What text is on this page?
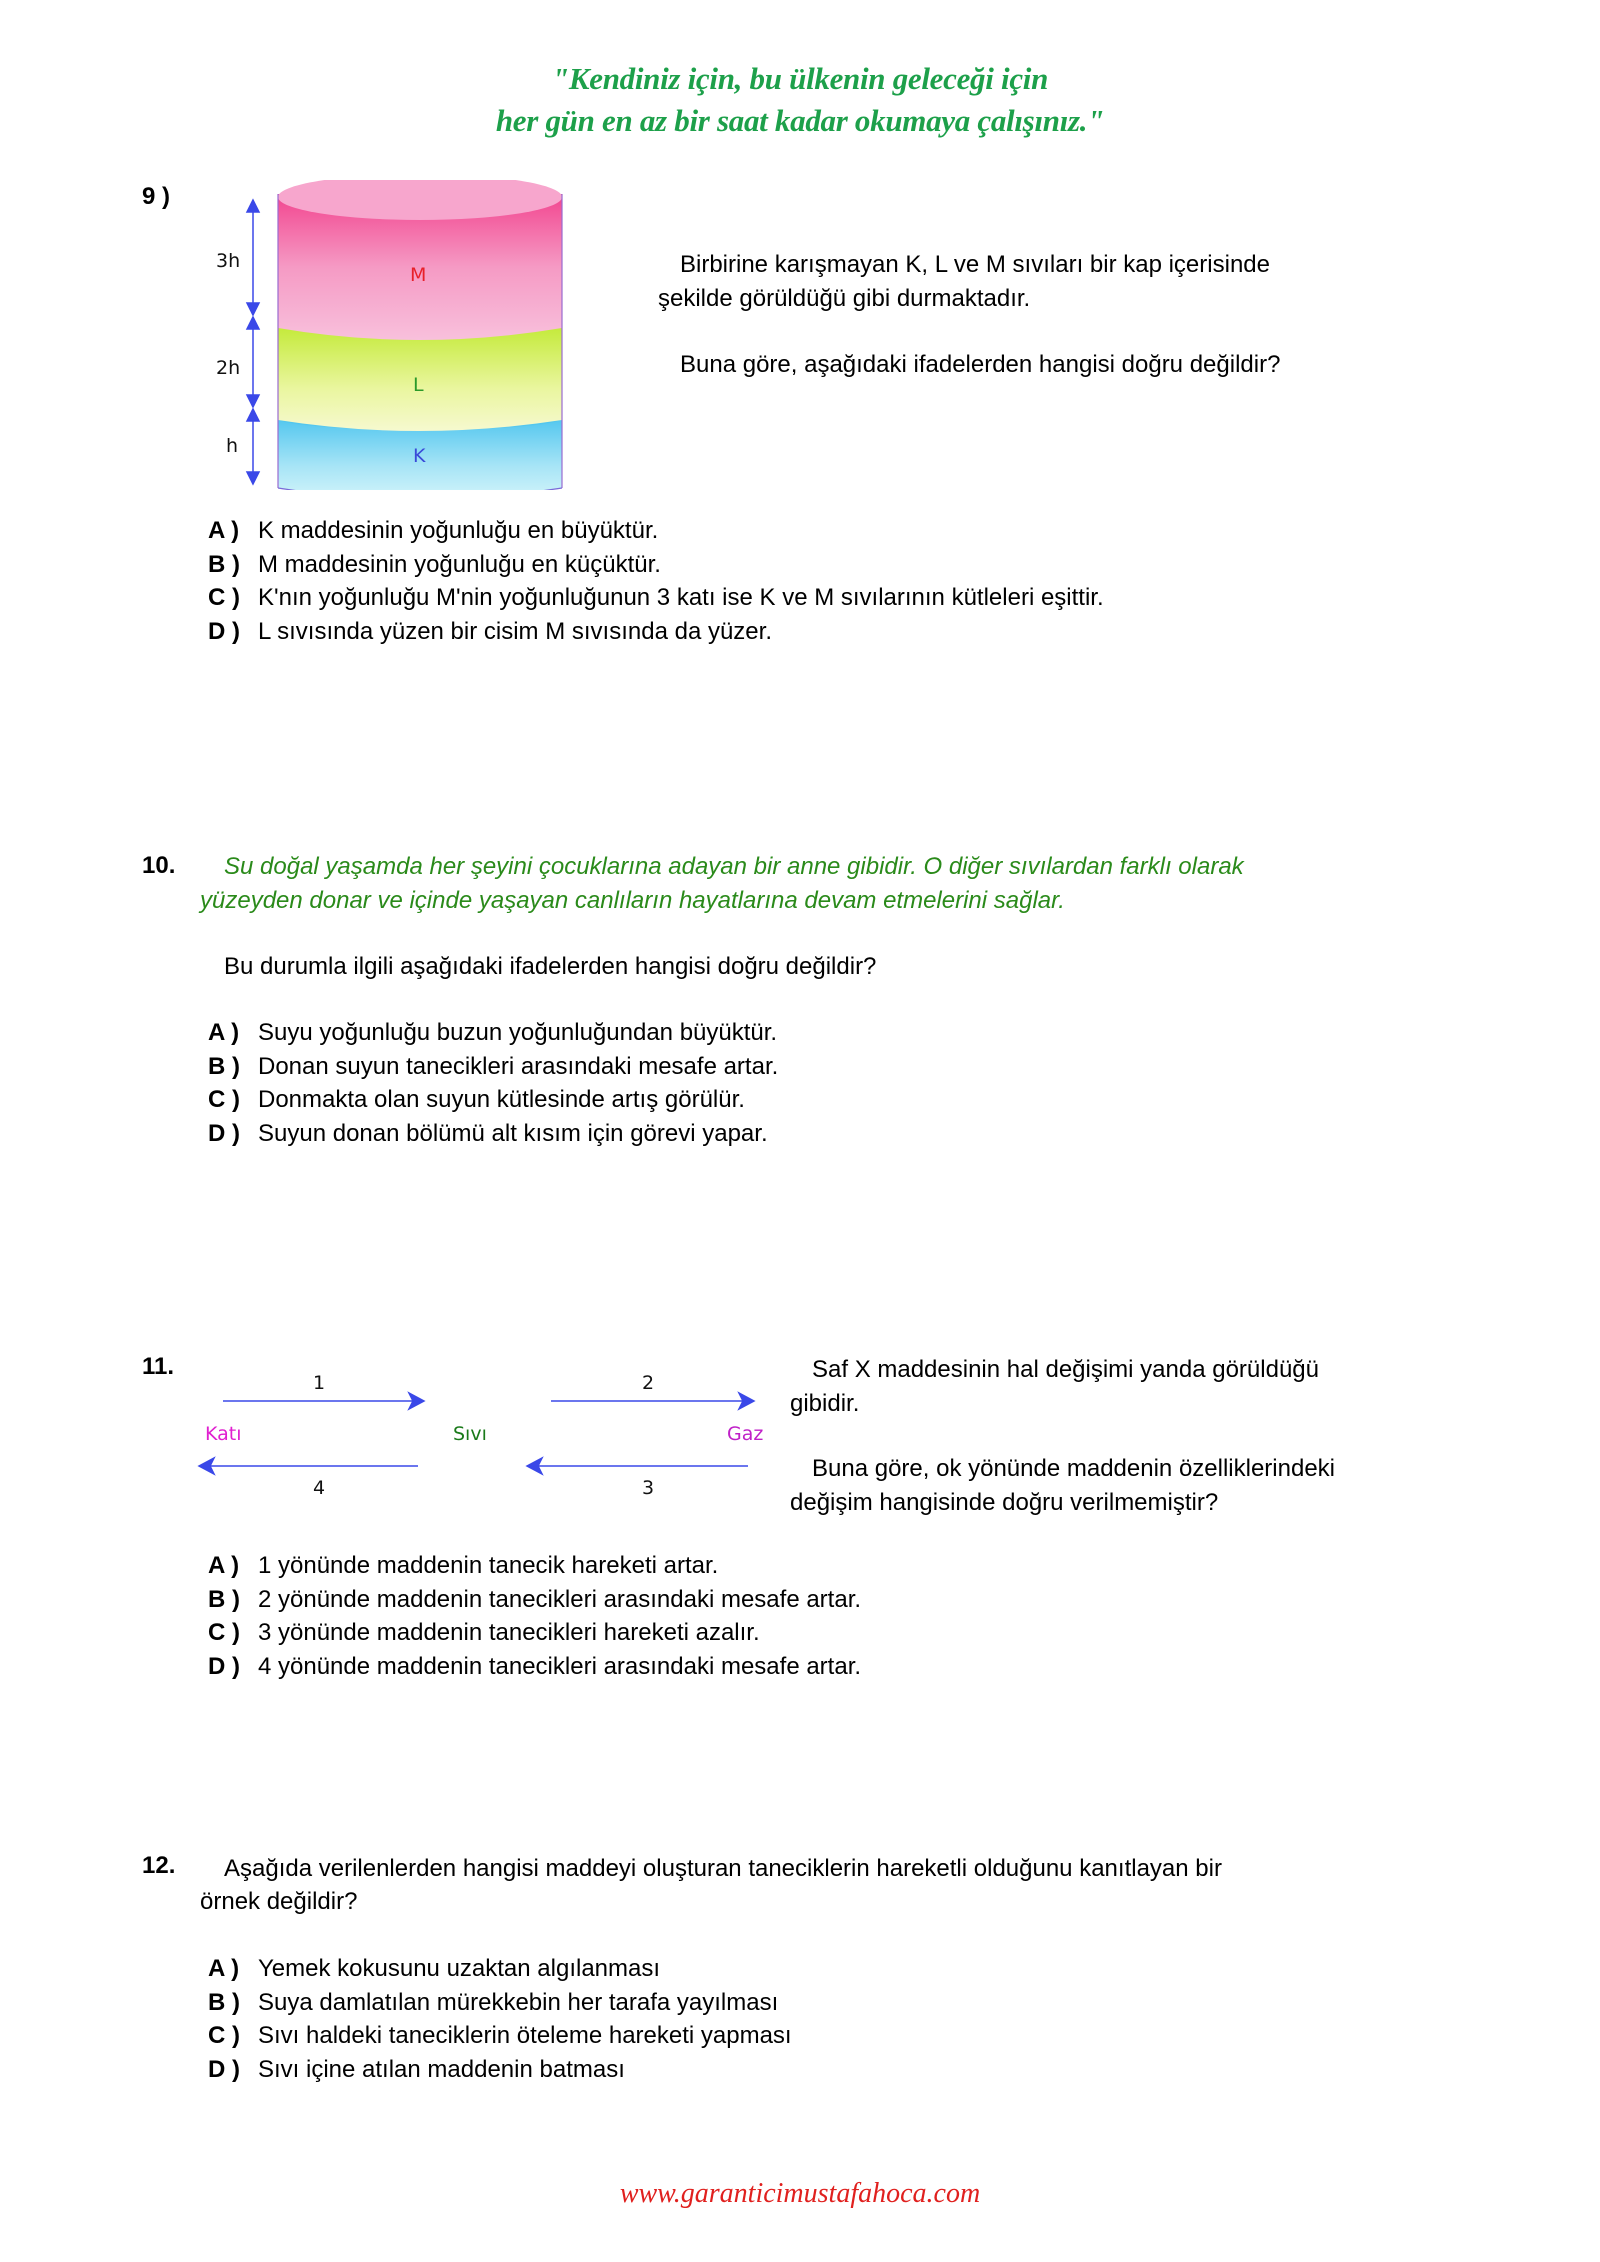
"Kendiniz için, bu ülkenin geleceği için
her gün en az bir saat kadar okumaya çalışınız."
9 )
3h
2h
h
M
L
K
Birbirine karışmayan K, L ve M sıvıları bir kap içerisinde
şekilde görüldüğü gibi durmaktadır.
Buna göre, aşağıdaki ifadelerden hangisi doğru değildir?
A ) K maddesinin yoğunluğu en büyüktür.
B ) M maddesinin yoğunluğu en küçüktür.
C ) K'nın yoğunluğu M'nin yoğunluğunun 3 katı ise K ve M sıvılarının kütleleri eşittir.
D ) L sıvısında yüzen bir cisim M sıvısında da yüzer.
10. Su doğal yaşamda her şeyini çocuklarına adayan bir anne gibidir. O diğer sıvılardan farklı olarak
yüzeyden donar ve içinde yaşayan canlıların hayatlarına devam etmelerini sağlar.
Bu durumla ilgili aşağıdaki ifadelerden hangisi doğru değildir?
A ) Suyu yoğunluğu buzun yoğunluğundan büyüktür.
B ) Donan suyun tanecikleri arasındaki mesafe artar.
C ) Donmakta olan suyun kütlesinde artış görülür.
D ) Suyun donan bölümü alt kısım için görevi yapar.
11.
1	2
3
4
Katı	Sıvı	Gaz
Saf X maddesinin hal değişimi yanda görüldüğü
gibidir.
Buna göre, ok yönünde maddenin özelliklerindeki
değişim hangisinde doğru verilmemiştir?
A ) 1 yönünde maddenin tanecik hareketi artar.
B ) 2 yönünde maddenin tanecikleri arasındaki mesafe artar.
C ) 3 yönünde maddenin tanecikleri hareketi azalır.
D ) 4 yönünde maddenin tanecikleri arasındaki mesafe artar.
12. Aşağıda verilenlerden hangisi maddeyi oluşturan taneciklerin hareketli olduğunu kanıtlayan bir
örnek değildir?
A ) Yemek kokusunu uzaktan algılanması
B ) Suya damlatılan mürekkebin her tarafa yayılması
C ) Sıvı haldeki taneciklerin öteleme hareketi yapması
D ) Sıvı içine atılan maddenin batması
www.garanticimustafahoca.com
